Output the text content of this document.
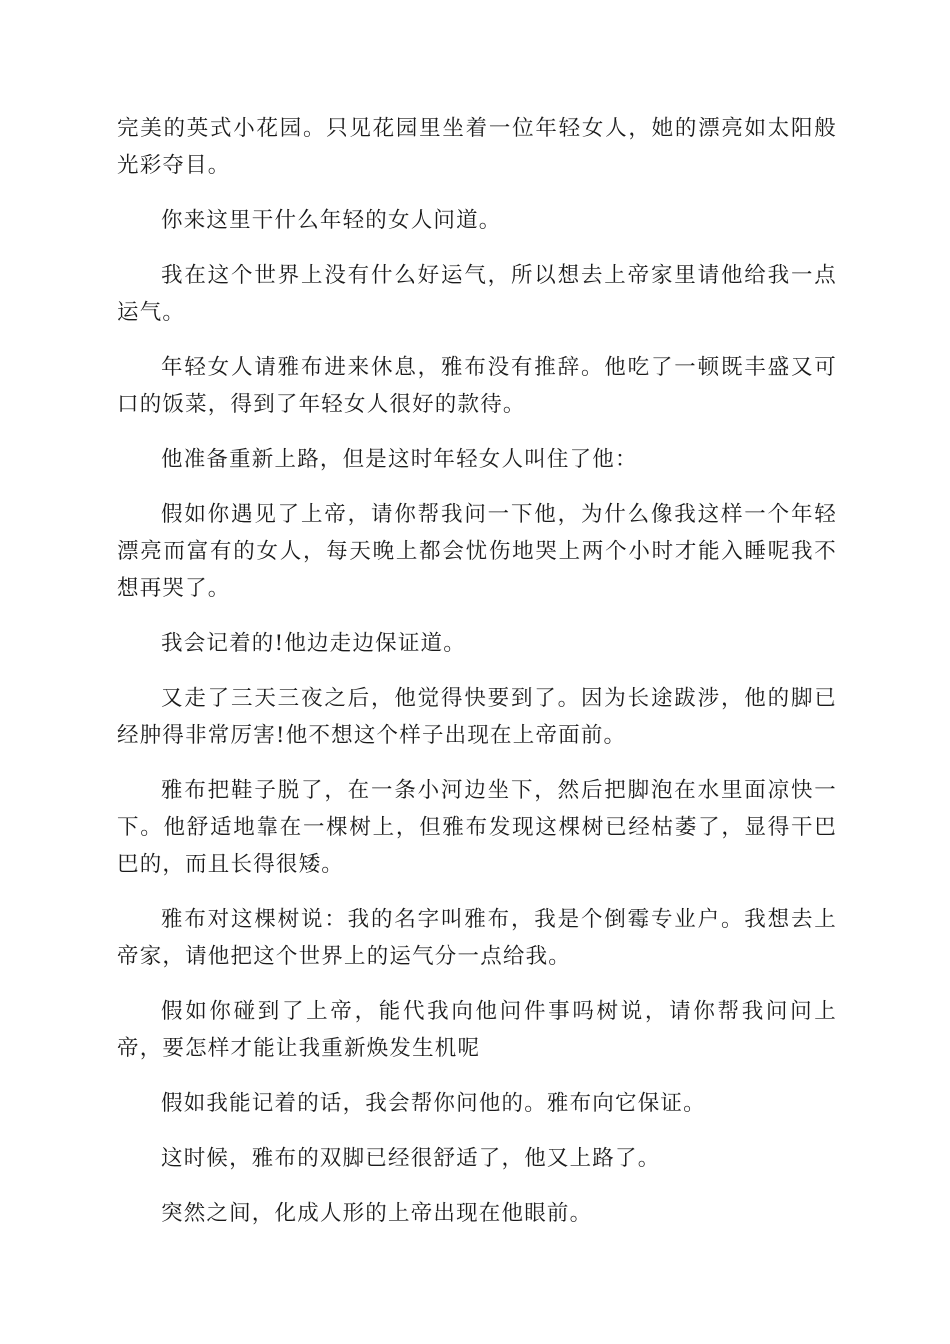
完美的英式小花园。只见花园里坐着一位年轻女人，她的漂亮如太阳般光彩夺目。

你来这里干什么年轻的女人问道。

我在这个世界上没有什么好运气，所以想去上帝家里请他给我一点运气。

年轻女人请雅布进来休息，雅布没有推辞。他吃了一顿既丰盛又可口的饭菜，得到了年轻女人很好的款待。

他准备重新上路，但是这时年轻女人叫住了他：

假如你遇见了上帝，请你帮我问一下他，为什么像我这样一个年轻漂亮而富有的女人，每天晚上都会忧伤地哭上两个小时才能入睡呢我不想再哭了。

我会记着的!他边走边保证道。

又走了三天三夜之后，他觉得快要到了。因为长途跋涉，他的脚已经肿得非常厉害!他不想这个样子出现在上帝面前。

雅布把鞋子脱了，在一条小河边坐下，然后把脚泡在水里面凉快一下。他舒适地靠在一棵树上，但雅布发现这棵树已经枯萎了，显得干巴巴的，而且长得很矮。

雅布对这棵树说：我的名字叫雅布，我是个倒霉专业户。我想去上帝家，请他把这个世界上的运气分一点给我。

假如你碰到了上帝，能代我向他问件事吗树说，请你帮我问问上帝，要怎样才能让我重新焕发生机呢

假如我能记着的话，我会帮你问他的。雅布向它保证。

这时候，雅布的双脚已经很舒适了，他又上路了。

突然之间，化成人形的上帝出现在他眼前。
